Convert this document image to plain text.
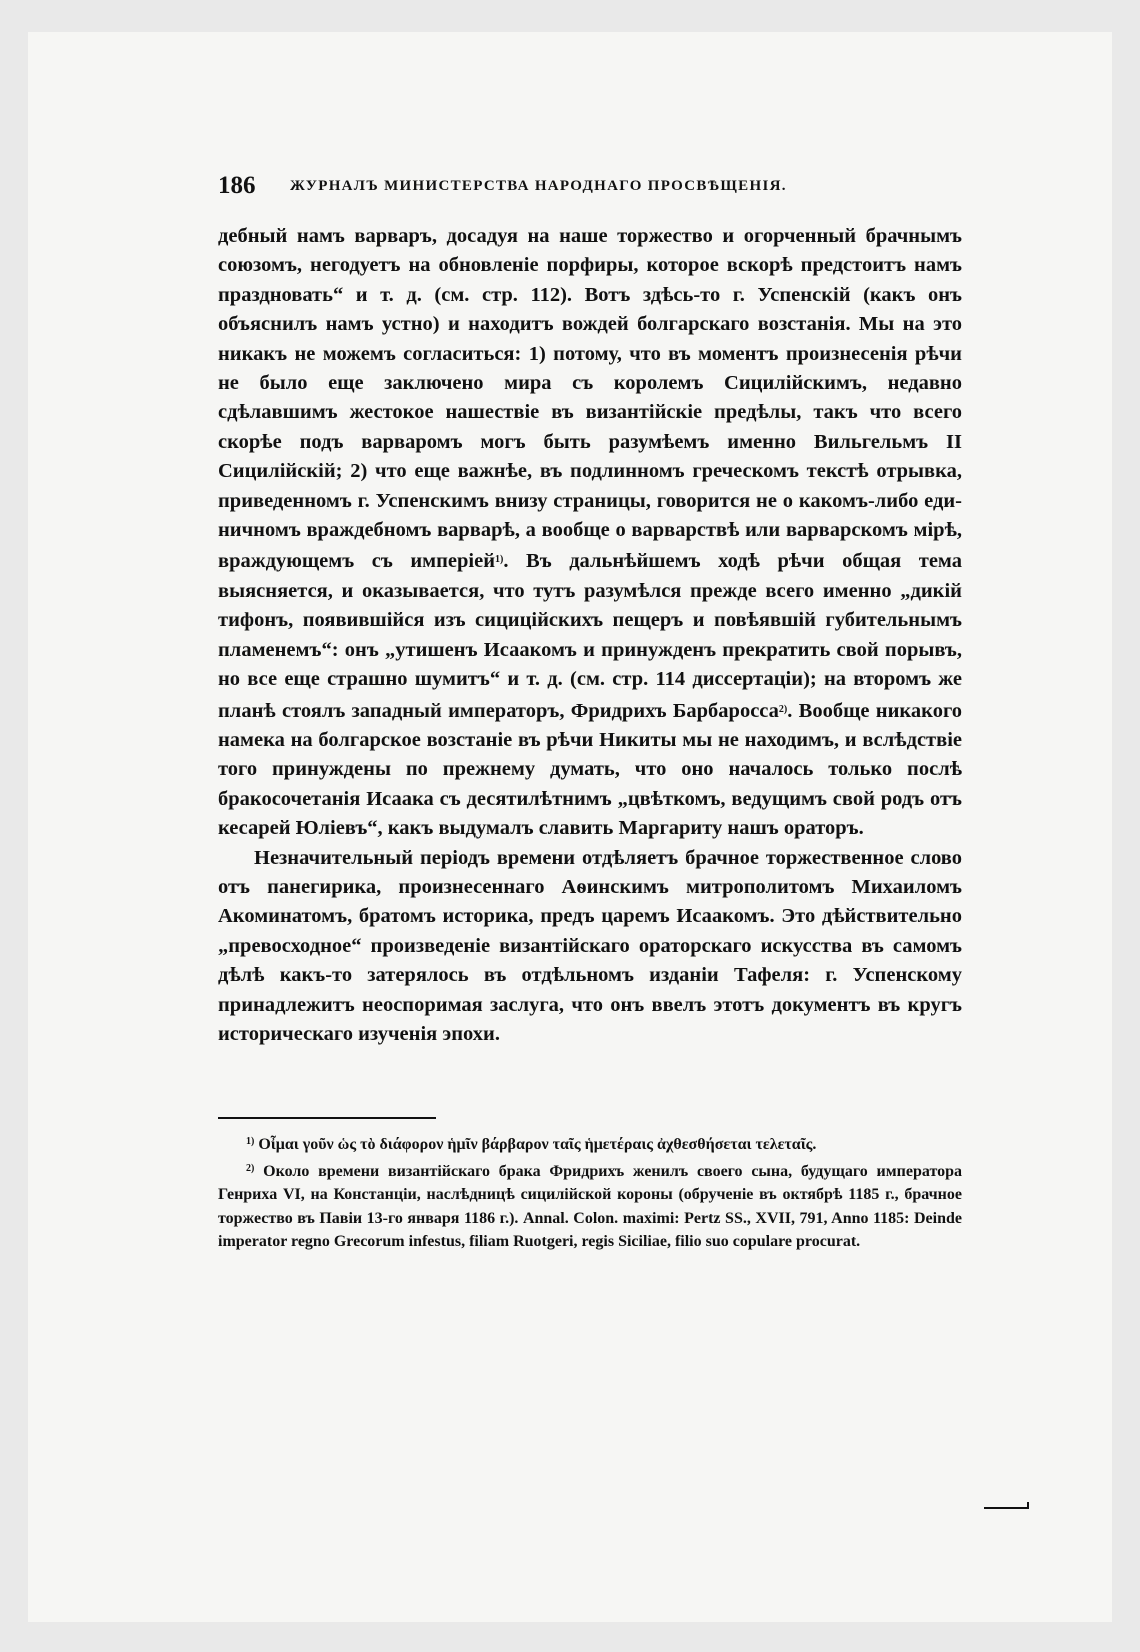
186 ЖУРНАЛЪ МИНИСТЕРСТВА НАРОДНАГО ПРОСВѢЩЕНІЯ.

дебный намъ варваръ, досадуя на наше торжество и огорченный брачнымъ союзомъ, негодуетъ на обновленіе порфиры, которое вскорѣ предстоитъ намъ праздновать“ и т. д. (см. стр. 112). Вотъ здѣсь-то г. Успенскій (какъ онъ объяснилъ намъ устно) и находитъ вождей болгарскаго возстанія. Мы на это никакъ не можемъ согласиться: 1) потому, что въ моментъ произнесенія рѣчи не было еще заключено мира съ королемъ Сицилійскимъ, недавно сдѣлавшимъ жестокое нашествіе въ византійскіе предѣлы, такъ что всего скорѣе подъ варваромъ могъ быть разумѣемъ именно Вильгельмъ II Сицилійскій; 2) что еще важнѣе, въ подлинномъ греческомъ текстѣ отрывка, приведенномъ г. Успенскимъ внизу страницы, говорится не о какомъ-либо единичномъ враждебномъ варварѣ, а вообще о варварствѣ или варварскомъ мірѣ, враждующемъ съ имперіей$^{1)}$. Въ дальнѣйшемъ ходѣ рѣчи общая тема выясняется, и оказывается, что тутъ разумѣлся прежде всего именно „дикій тифонъ, появившійся изъ сициційскихъ пещеръ и повѣявшій губительнымъ пламенемъ“: онъ „утишенъ Исаакомъ и принужденъ прекратить свой порывъ, но все еще страшно шумитъ“ и т. д. (см. стр. 114 диссертаціи); на второмъ же планѣ стоялъ западный императоръ, Фридрихъ Барбаросса$^{2)}$. Вообще никакого намека на болгарское возстаніе въ рѣчи Никиты мы не находимъ, и вслѣдствіе того принуждены по прежнему думать, что оно началось только послѣ бракосочетанія Исаака съ десятилѣтнимъ „цвѣткомъ, ведущимъ свой родъ отъ кесарей Юліевъ“, какъ выдумалъ славить Маргариту нашъ ораторъ.

Незначительный періодъ времени отдѣляетъ брачное торжественное слово отъ панегирика, произнесеннаго Аѳинскимъ митрополитомъ Михаиломъ Акоминатомъ, братомъ историка, предъ царемъ Исаакомъ. Это дѣйствительно „превосходное“ произведеніе византійскаго ораторскаго искусства въ самомъ дѣлѣ какъ-то затерялось въ отдѣльномъ изданіи Тафеля: г. Успенскому принадлежитъ неоспоримая заслуга, что онъ ввелъ этотъ документъ въ кругъ историческаго изученія эпохи.

$^{1)}$ Οἶμαι γοῦν ὡς τὸ διάφορον ἡμῖν βάρβαρον ταῖς ἡμετέραις ἀχθεσθήσεται τελεταῖς.

$^{2)}$ Около времени византійскаго брака Фридрихъ женилъ своего сына, будущаго императора Генриха VI, на Констанціи, наслѣдницѣ сицилійской короны (обрученіе въ октябрѣ 1185 г., брачное торжество въ Павіи 13-го января 1186 г.). Annal. Colon. maximi: Pertz SS., XVII, 791, Anno 1185: Deinde imperator regno Grecorum infestus, filiam Ruotgeri, regis Siciliae, filio suo copulare procurat.
